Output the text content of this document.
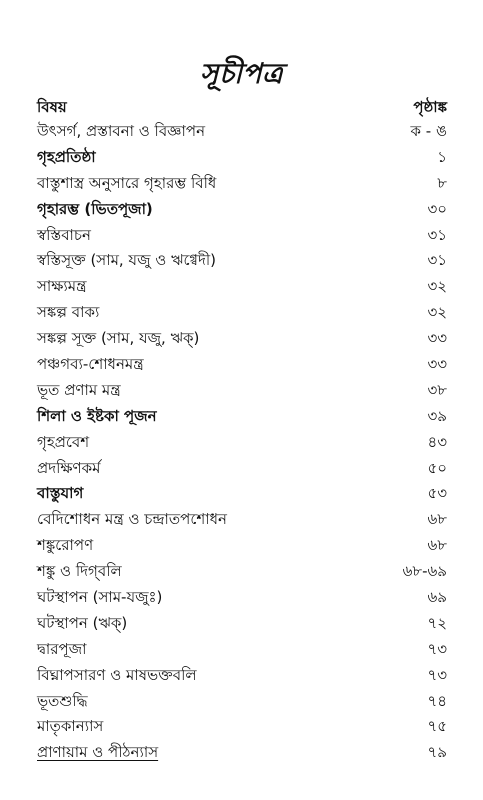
সূচীপত্র
বিষয়	পৃষ্ঠাঙ্ক
উৎসর্গ, প্রস্তাবনা ও বিজ্ঞাপন	ক - ঙ
গৃহপ্রতিষ্ঠা	১
বাস্তুশাস্ত্র অনুসারে গৃহারম্ভ বিধি	৮
গৃহারম্ভ (ভিতপূজা)	৩০
স্বস্তিবাচন	৩১
স্বস্তিসূক্ত (সাম, যজু ও ঋগ্বেদী)	৩১
সাক্ষ্যমন্ত্র	৩২
সঙ্কল্প বাক্য	৩২
সঙ্কল্প সূক্ত (সাম, যজু, ঋক্)	৩৩
পঞ্চগব্য-শোধনমন্ত্র	৩৩
ভূত প্রণাম মন্ত্র	৩৮
শিলা ও ইষ্টকা পূজন	৩৯
গৃহপ্রবেশ	৪৩
প্রদক্ষিণকর্ম	৫০
বাস্তুযাগ	৫৩
বেদিশোধন মন্ত্র ও চন্দ্রাতপশোধন	৬৮
শঙ্কুরোপণ	৬৮
শঙ্কু ও দিগ্‌বলি	৬৮-৬৯
ঘটস্থাপন (সাম-যজুঃ)	৬৯
ঘটস্থাপন (ঋক্)	৭২
দ্বারপূজা	৭৩
বিঘ্নাপসারণ ও মাষভক্তবলি	৭৩
ভূতশুদ্ধি	৭৪
মাতৃকান্যাস	৭৫
প্রাণায়াম ও পীঠন্যাস	৭৯
